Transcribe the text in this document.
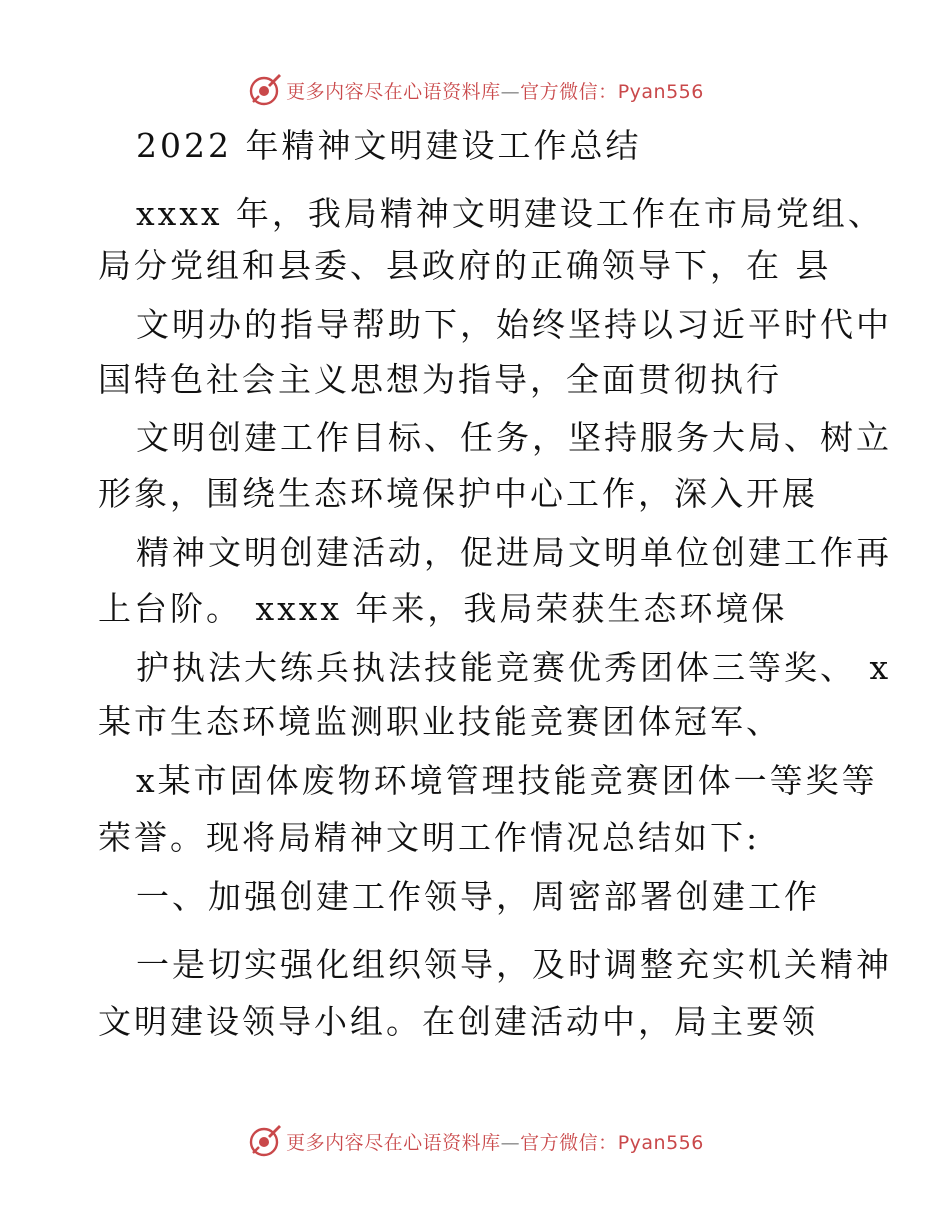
更多内容尽在心语资料库—官方微信：Pyan556
2022 年精神文明建设工作总结
xxxx 年，我局精神文明建设工作在市局党组、
局分党组和县委、县政府的正确领导下，在 县
文明办的指导帮助下，始终坚持以习近平时代中
国特色社会主义思想为指导，全面贯彻执行
文明创建工作目标、任务，坚持服务大局、树立
形象，围绕生态环境保护中心工作，深入开展
精神文明创建活动，促进局文明单位创建工作再
上台阶。 xxxx 年来，我局荣获生态环境保
护执法大练兵执法技能竞赛优秀团体三等奖、 x
某市生态环境监测职业技能竞赛团体冠军、
x某市固体废物环境管理技能竞赛团体一等奖等
荣誉。现将局精神文明工作情况总结如下:
一、加强创建工作领导，周密部署创建工作
一是切实强化组织领导，及时调整充实机关精神
文明建设领导小组。在创建活动中，局主要领
更多内容尽在心语资料库—官方微信：Pyan556
